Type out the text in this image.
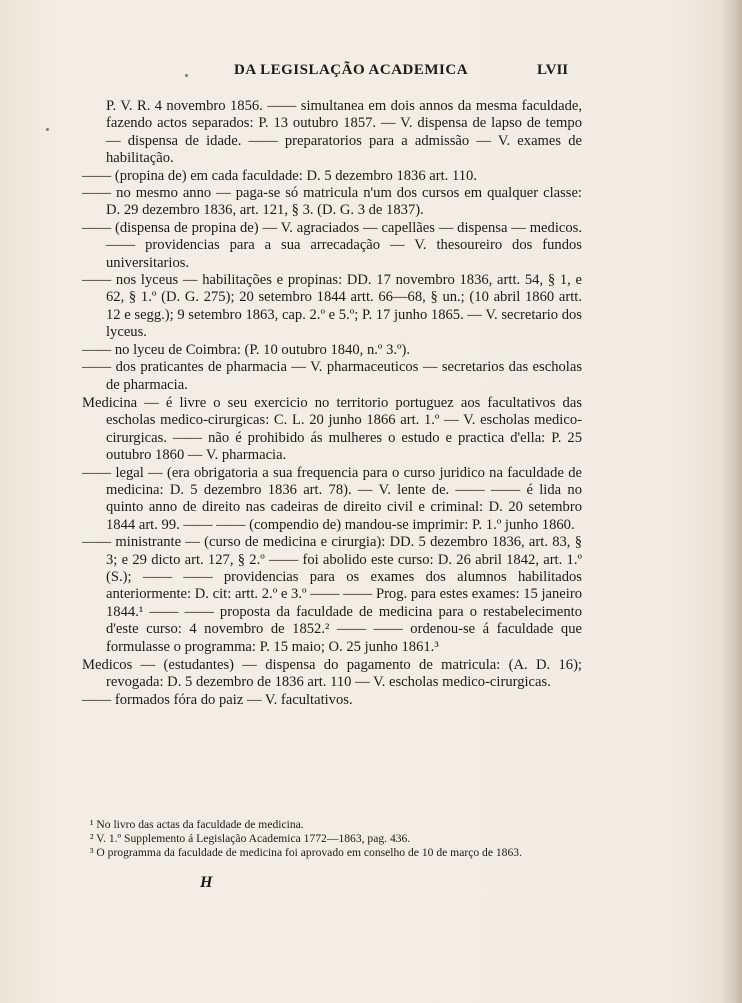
DA LEGISLAÇÃO ACADEMICA	LVII

P. V. R. 4 novembro 1856. —— simultanea em dois annos da mesma faculdade, fazendo actos separados: P. 13 outubro 1857. — V. dispensa de lapso de tempo — dispensa de idade. —— preparatorios para a admissão — V. exames de habilitação.

—— (propina de) em cada faculdade: D. 5 dezembro 1836 art. 110.

—— no mesmo anno — paga-se só matricula n'um dos cursos em qualquer classe: D. 29 dezembro 1836, art. 121, § 3. (D. G. 3 de 1837).

—— (dispensa de propina de) — V. agraciados — capellães — dispensa — medicos. —— providencias para a sua arrecadação — V. thesoureiro dos fundos universitarios.

—— nos lyceus — habilitações e propinas: DD. 17 novembro 1836, artt. 54, § 1, e 62, § 1.º (D. G. 275); 20 setembro 1844 artt. 66—68, § un.; (10 abril 1860 artt. 12 e segg.); 9 setembro 1863, cap. 2.º e 5.º; P. 17 junho 1865. — V. secretario dos lyceus.

—— no lyceu de Coimbra: (P. 10 outubro 1840, n.º 3.º).

—— dos praticantes de pharmacia — V. pharmaceuticos — secretarios das escholas de pharmacia.

Medicina — é livre o seu exercicio no territorio portuguez aos facultativos das escholas medico-cirurgicas: C. L. 20 junho 1866 art. 1.º — V. escholas medico-cirurgicas. —— não é prohibido ás mulheres o estudo e practica d'ella: P. 25 outubro 1860 — V. pharmacia.

—— legal — (era obrigatoria a sua frequencia para o curso juridico na faculdade de medicina: D. 5 dezembro 1836 art. 78). — V. lente de. —— —— é lida no quinto anno de direito nas cadeiras de direito civil e criminal: D. 20 setembro 1844 art. 99. —— —— (compendio de) mandou-se imprimir: P. 1.º junho 1860.

—— ministrante — (curso de medicina e cirurgia): DD. 5 dezembro 1836, art. 83, § 3; e 29 dicto art. 127, § 2.º —— foi abolido este curso: D. 26 abril 1842, art. 1.º (S.); —— —— providencias para os exames dos alumnos habilitados anteriormente: D. cit: artt. 2.º e 3.º —— —— Prog. para estes exames: 15 janeiro 1844.¹ —— —— proposta da faculdade de medicina para o restabelecimento d'este curso: 4 novembro de 1852.² —— —— ordenou-se á faculdade que formulasse o programma: P. 15 maio; O. 25 junho 1861.³

Medicos — (estudantes) — dispensa do pagamento de matricula: (A. D. 16); revogada: D. 5 dezembro de 1836 art. 110 — V. escholas medico-cirurgicas.

—— formados fóra do paiz — V. facultativos.

¹ No livro das actas da faculdade de medicina.

² V. 1.º Supplemento á Legislação Academica 1772—1863, pag. 436.

³ O programma da faculdade de medicina foi aprovado em conselho de 10 de março de 1863.

H
